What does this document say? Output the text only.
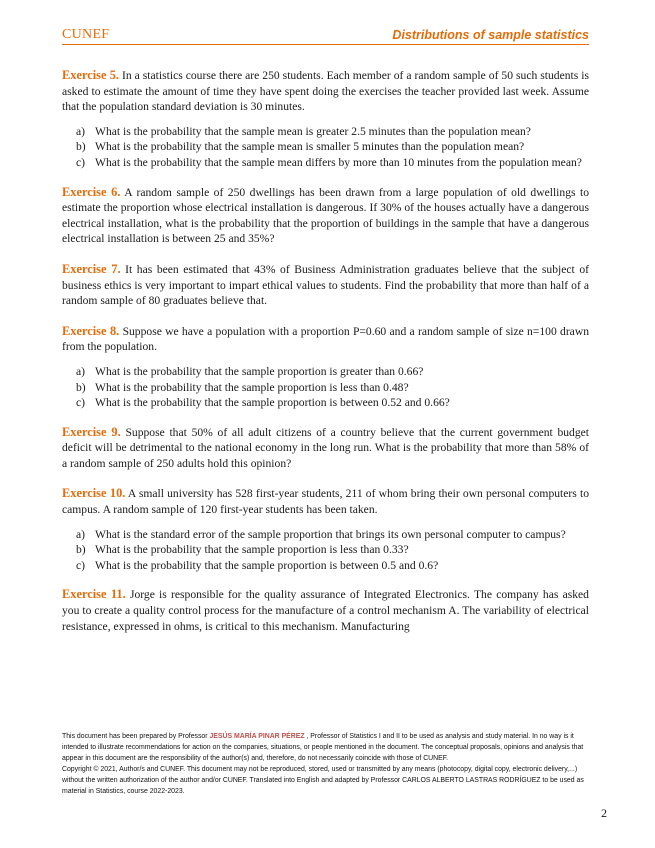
CUNEF	Distributions of sample statistics

Exercise 5. In a statistics course there are 250 students. Each member of a random sample of 50 such students is asked to estimate the amount of time they have spent doing the exercises the teacher provided last week. Assume that the population standard deviation is 30 minutes.

a) What is the probability that the sample mean is greater 2.5 minutes than the population mean?
b) What is the probability that the sample mean is smaller 5 minutes than the population mean?
c) What is the probability that the sample mean differs by more than 10 minutes from the population mean?

Exercise 6. A random sample of 250 dwellings has been drawn from a large population of old dwellings to estimate the proportion whose electrical installation is dangerous. If 30% of the houses actually have a dangerous electrical installation, what is the probability that the proportion of buildings in the sample that have a dangerous electrical installation is between 25 and 35%?

Exercise 7. It has been estimated that 43% of Business Administration graduates believe that the subject of business ethics is very important to impart ethical values to students. Find the probability that more than half of a random sample of 80 graduates believe that.

Exercise 8. Suppose we have a population with a proportion P=0.60 and a random sample of size n=100 drawn from the population.

a) What is the probability that the sample proportion is greater than 0.66?
b) What is the probability that the sample proportion is less than 0.48?
c) What is the probability that the sample proportion is between 0.52 and 0.66?

Exercise 9. Suppose that 50% of all adult citizens of a country believe that the current government budget deficit will be detrimental to the national economy in the long run. What is the probability that more than 58% of a random sample of 250 adults hold this opinion?

Exercise 10. A small university has 528 first-year students, 211 of whom bring their own personal computers to campus. A random sample of 120 first-year students has been taken.

a) What is the standard error of the sample proportion that brings its own personal computer to campus?
b) What is the probability that the sample proportion is less than 0.33?
c) What is the probability that the sample proportion is between 0.5 and 0.6?

Exercise 11. Jorge is responsible for the quality assurance of Integrated Electronics. The company has asked you to create a quality control process for the manufacture of a control mechanism A. The variability of electrical resistance, expressed in ohms, is critical to this mechanism. Manufacturing

This document has been prepared by Professor JESÚS MARÍA PINAR PÉREZ , Professor of Statistics I and II to be used as analysis and study material. In no way is it intended to illustrate recommendations for action on the companies, situations, or people mentioned in the document. The conceptual proposals, opinions and analysis that appear in this document are the responsibility of the author(s) and, therefore, do not necessarily coincide with those of CUNEF.

Copyright © 2021, Author/s and CUNEF. This document may not be reproduced, stored, used or transmitted by any means (photocopy, digital copy, electronic delivery,...) without the written authorization of the author and/or CUNEF. Translated into English and adapted by Professor CARLOS ALBERTO LASTRAS RODRÍGUEZ to be used as material in Statistics, course 2022-2023.

2
